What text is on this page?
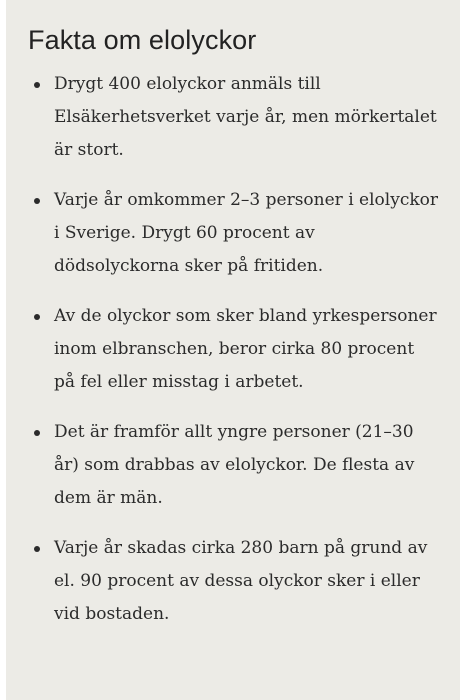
Fakta om elolyckor
Drygt 400 elolyckor anmäls till Elsäkerhetsverket varje år, men mörkertalet är stort.
Varje år omkommer 2–3 personer i elolyckor i Sverige. Drygt 60 procent av dödsolyckorna sker på fritiden.
Av de olyckor som sker bland yrkespersoner inom elbranschen, beror cirka 80 procent på fel eller misstag i arbetet.
Det är framför allt yngre personer (21–30 år) som drabbas av elolyckor. De flesta av dem är män.
Varje år skadas cirka 280 barn på grund av el. 90 procent av dessa olyckor sker i eller vid bostaden.
